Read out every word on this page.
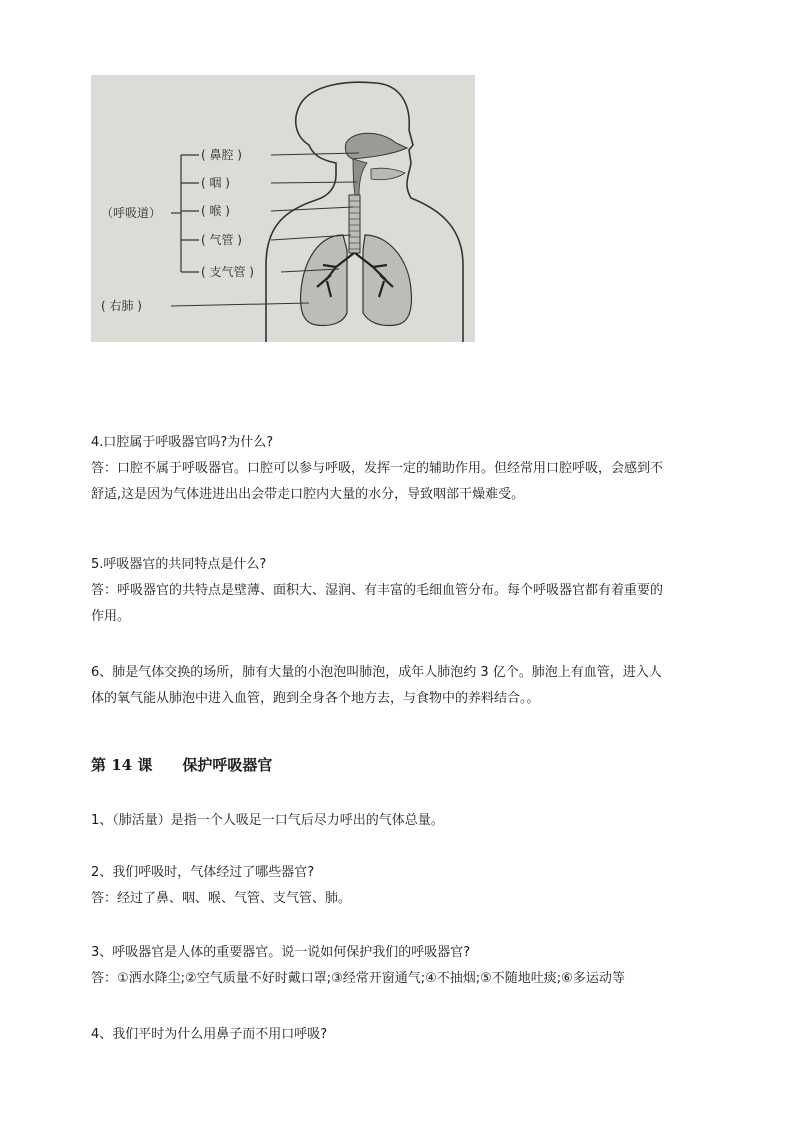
( 鼻腔 )
( 咽 )
( 喉 )
( 气管 )
( 支气管 )
（呼吸道）
( 右肺 )
4.口腔属于呼吸器官吗?为什么?
答：口腔不属于呼吸器官。口腔可以参与呼吸，发挥一定的辅助作用。但经常用口腔呼吸，会感到不
舒适,这是因为气体进进出出会带走口腔内大量的水分，导致咽部干燥难受。
5.呼吸器官的共同特点是什么?
答：呼吸器官的共特点是壁薄、面积大、湿润、有丰富的毛细血管分布。每个呼吸器官都有着重要的
作用。
6、肺是气体交换的场所，肺有大量的小泡泡叫肺泡，成年人肺泡约 3 亿个。肺泡上有血管，进入人
体的氧气能从肺泡中进入血管，跑到全身各个地方去，与食物中的养料结合。。
第 14 课 保护呼吸器官
1、（肺活量）是指一个人吸足一口气后尽力呼出的气体总量。
2、我们呼吸时，气体经过了哪些器官?
答：经过了鼻、咽、喉、气管、支气管、肺。
3、呼吸器官是人体的重要器官。说一说如何保护我们的呼吸器官?
答：①洒水降尘;②空气质量不好时戴口罩;③经常开窗通气;④不抽烟;⑤不随地吐痰;⑥多运动等
4、我们平时为什么用鼻子而不用口呼吸?
